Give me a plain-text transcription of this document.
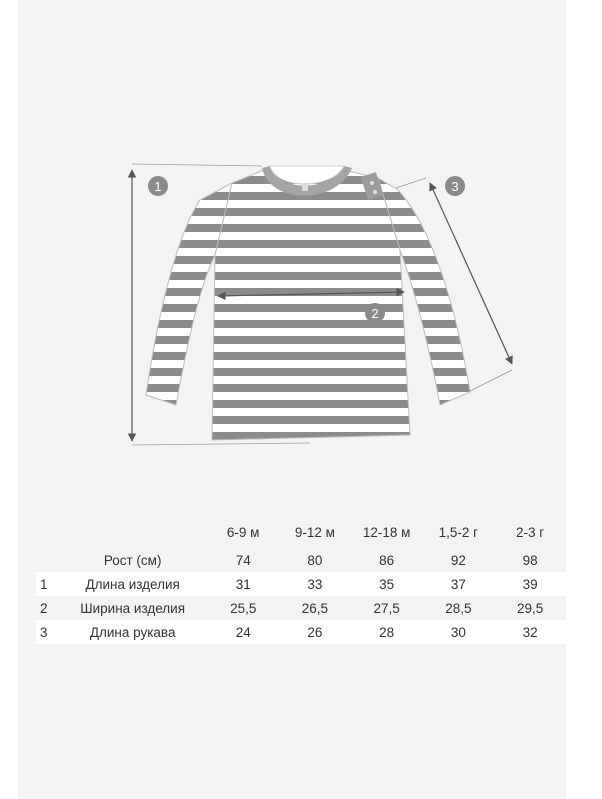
1
2
3
		6-9 м	9-12 м	12-18 м	1,5-2 г	2-3 г
	Рост (см)	74	80	86	92	98
1	Длина изделия	31	33	35	37	39
2	Ширина изделия	25,5	26,5	27,5	28,5	29,5
3	Длина рукава	24	26	28	30	32
